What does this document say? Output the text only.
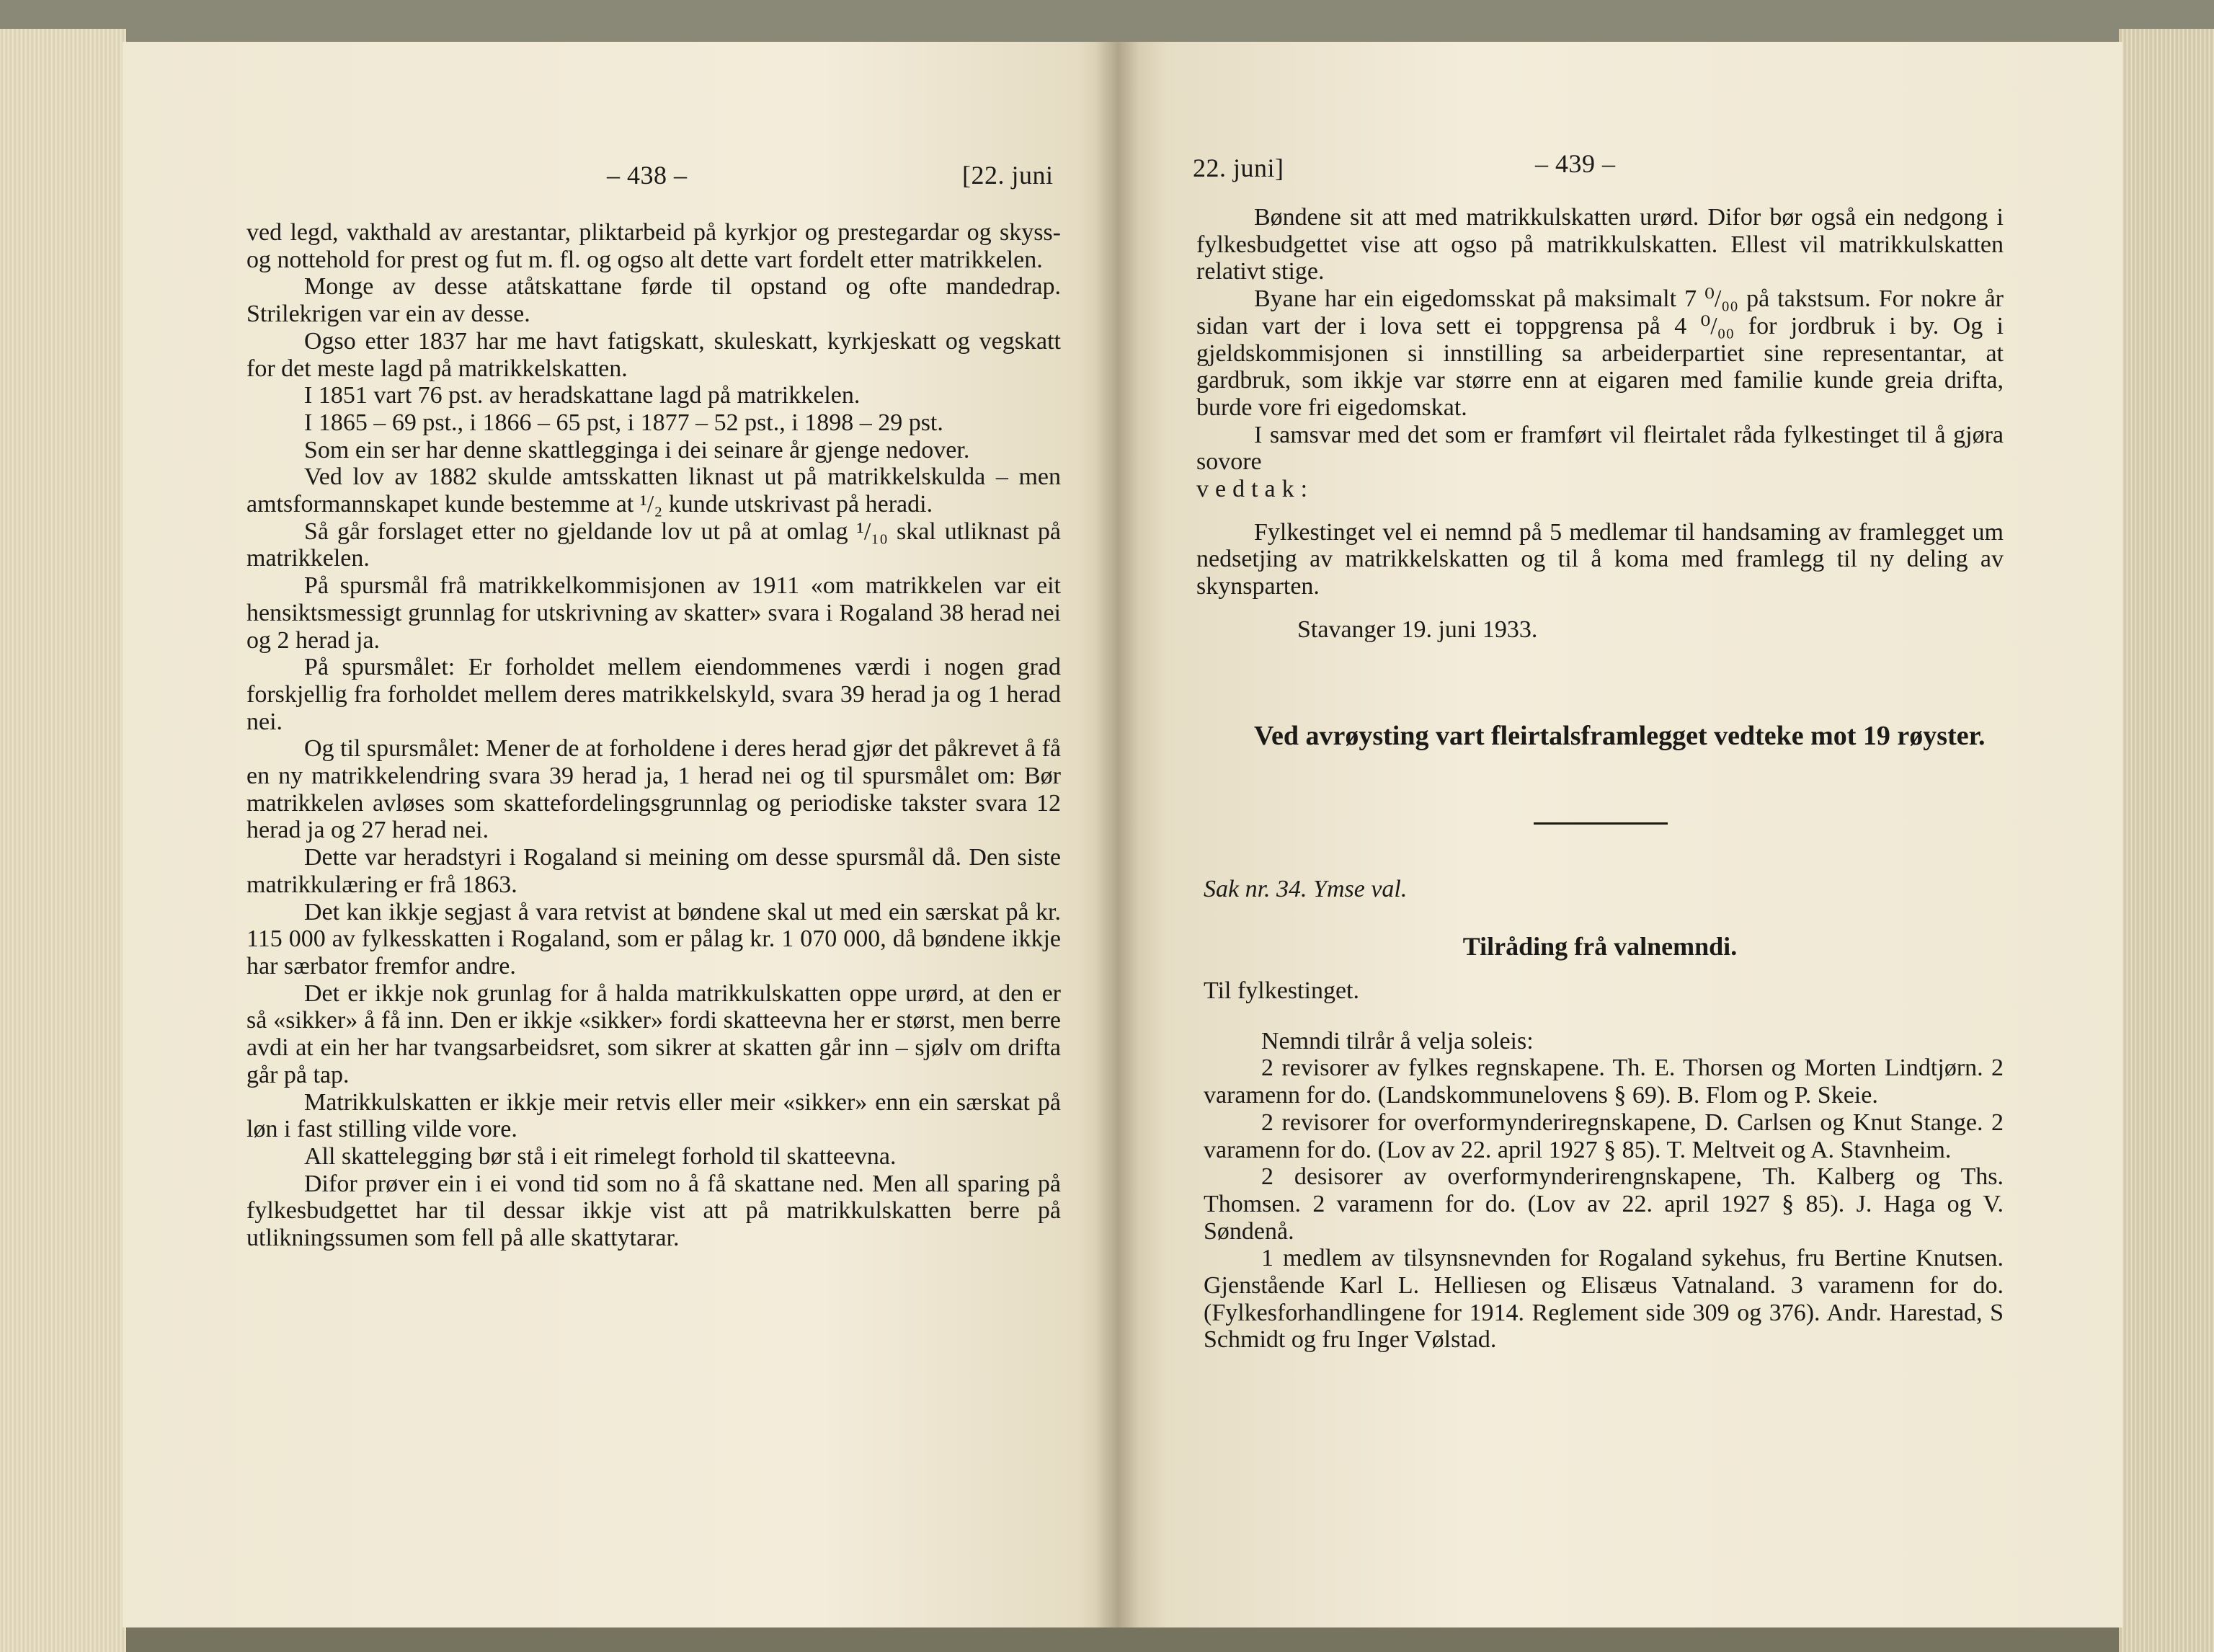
– 438 –	[22. juni

ved legd, vakthald av arestantar, pliktarbeid på kyrkjor og prestegardar og skyss- og nottehold for prest og fut m. fl. og ogso alt dette vart fordelt etter matrikkelen.

Monge av desse atåtskattane førde til opstand og ofte mandedrap. Strilekrigen var ein av desse.

Ogso etter 1837 har me havt fatigskatt, skuleskatt, kyrkjeskatt og vegskatt for det meste lagd på matrikkelskatten.

I 1851 vart 76 pst. av heradskattane lagd på matrikkelen.

I 1865 – 69 pst., i 1866 – 65 pst, i 1877 – 52 pst., i 1898 – 29 pst.

Som ein ser har denne skattlegginga i dei seinare år gjenge nedover.

Ved lov av 1882 skulde amtsskatten liknast ut på matrikkelskulda – men amtsformannskapet kunde bestemme at ¹/₂ kunde utskrivast på heradi.

Så går forslaget etter no gjeldande lov ut på at omlag ¹/₁₀ skal utliknast på matrikkelen.

På spursmål frå matrikkelkommisjonen av 1911 «om matrikkelen var eit hensiktsmessigt grunnlag for utskrivning av skatter» svara i Rogaland 38 herad nei og 2 herad ja.

På spursmålet: Er forholdet mellem eiendommenes værdi i nogen grad forskjellig fra forholdet mellem deres matrikkelskyld, svara 39 herad ja og 1 herad nei.

Og til spursmålet: Mener de at forholdene i deres herad gjør det påkrevet å få en ny matrikkelendring svara 39 herad ja, 1 herad nei og til spursmålet om: Bør matrikkelen avløses som skattefordelingsgrunnlag og periodiske takster svara 12 herad ja og 27 herad nei.

Dette var heradstyri i Rogaland si meining om desse spursmål då. Den siste matrikkulæring er frå 1863.

Det kan ikkje segjast å vara retvist at bøndene skal ut med ein særskat på kr. 115 000 av fylkesskatten i Rogaland, som er pålag kr. 1 070 000, då bøndene ikkje har særbator fremfor andre.

Det er ikkje nok grunlag for å halda matrikkulskatten oppe urørd, at den er så «sikker» å få inn. Den er ikkje «sikker» fordi skatteevna her er størst, men berre avdi at ein her har tvangsarbeidsret, som sikrer at skatten går inn – sjølv om drifta går på tap.

Matrikkulskatten er ikkje meir retvis eller meir «sikker» enn ein særskat på løn i fast stilling vilde vore.

All skattelegging bør stå i eit rimelegt forhold til skatteevna.

Difor prøver ein i ei vond tid som no å få skattane ned. Men all sparing på fylkesbudgettet har til dessar ikkje vist att på matrikkulskatten berre på utlikningssumen som fell på alle skattytarar.

22. juni]	– 439 –

Bøndene sit att med matrikkulskatten urørd. Difor bør også ein nedgong i fylkesbudgettet vise att ogso på matrikkulskatten. Ellest vil matrikkulskatten relativt stige.

Byane har ein eigedomsskat på maksimalt 7 ⁰/₀₀ på takstsum. For nokre år sidan vart der i lova sett ei toppgrensa på 4 ⁰/₀₀ for jordbruk i by. Og i gjeldskommisjonen si innstilling sa arbeiderpartiet sine representantar, at gardbruk, som ikkje var større enn at eigaren med familie kunde greia drifta, burde vore fri eigedomskat.

I samsvar med det som er framført vil fleirtalet råda fylkestinget til å gjøra sovore

vedtak:

Fylkestinget vel ei nemnd på 5 medlemar til handsaming av framlegget um nedsetjing av matrikkelskatten og til å koma med framlegg til ny deling av skynsparten.

Stavanger 19. juni 1933.

Ved avrøysting vart fleirtalsframlegget vedteke mot 19 røyster.
Sak nr. 34. Ymse val.
Tilråding frå valnemndi.

Til fylkestinget.

Nemndi tilrår å velja soleis:

2 revisorer av fylkes regnskapene. Th. E. Thorsen og Morten Lindtjørn. 2 varamenn for do. (Landskommunelovens § 69). B. Flom og P. Skeie.

2 revisorer for overformynderiregnskapene, D. Carlsen og Knut Stange. 2 varamenn for do. (Lov av 22. april 1927 § 85). T. Meltveit og A. Stavnheim.

2 desisorer av overformynderirengnskapene, Th. Kalberg og Ths. Thomsen. 2 varamenn for do. (Lov av 22. april 1927 § 85). J. Haga og V. Søndenå.

1 medlem av tilsynsnevnden for Rogaland sykehus, fru Bertine Knutsen. Gjenstående Karl L. Helliesen og Elisæus Vatnaland. 3 varamenn for do. (Fylkesforhandlingene for 1914. Reglement side 309 og 376). Andr. Harestad, S Schmidt og fru Inger Vølstad.
